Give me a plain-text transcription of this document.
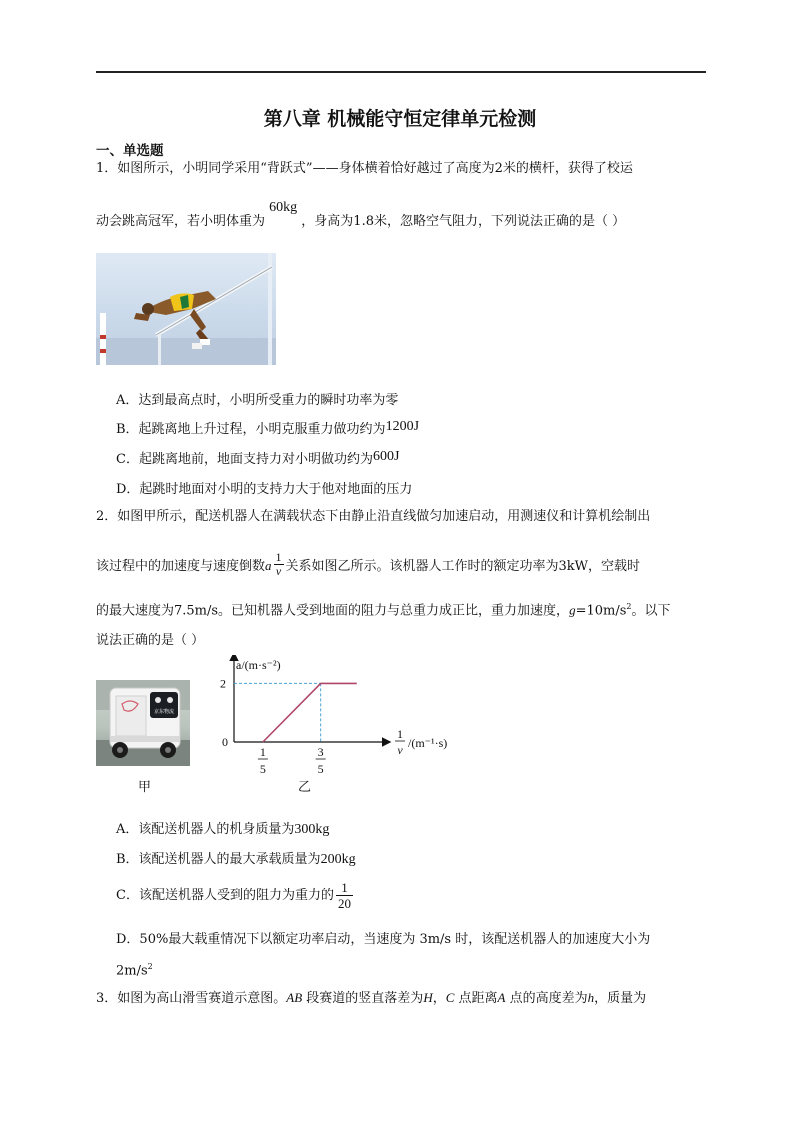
第八章 机械能守恒定律单元检测
一、单选题
1．如图所示，小明同学采用“背跃式”——身体横着恰好越过了高度为2米的横杆，获得了校运
动会跳高冠军，若小明体重为 60kg ，身高为1.8米，忽略空气阻力，下列说法正确的是（ ）
A．达到最高点时，小明所受重力的瞬时功率为零
B．起跳离地上升过程，小明克服重力做功约为1200J
C．起跳离地前，地面支持力对小明做功约为600J
D．起跳时地面对小明的支持力大于他对地面的压力
2．如图甲所示，配送机器人在满载状态下由静止沿直线做匀加速启动，用测速仪和计算机绘制出
该过程中的加速度与速度倒数a $\frac{1}{v}$ 关系如图乙所示。该机器人工作时的额定功率为3kW，空载时
的最大速度为7.5m/s。已知机器人受到地面的阻力与总重力成正比，重力加速度，$g=10m/s^2$。以下
说法正确的是（ ）
京东物流
甲
a/(m·s⁻²)
1
v /(m⁻¹·s)
0
2
1
5
3
5
乙
A．该配送机器人的机身质量为300kg
B．该配送机器人的最大承载质量为200kg
C．该配送机器人受到的阻力为重力的 $\frac{1}{20}$
D．50%最大载重情况下以额定功率启动，当速度为 3m/s 时，该配送机器人的加速度大小为
$2m/s^2$
3．如图为高山滑雪赛道示意图。AB 段赛道的竖直落差为H，C 点距离A 点的高度差为h，质量为
